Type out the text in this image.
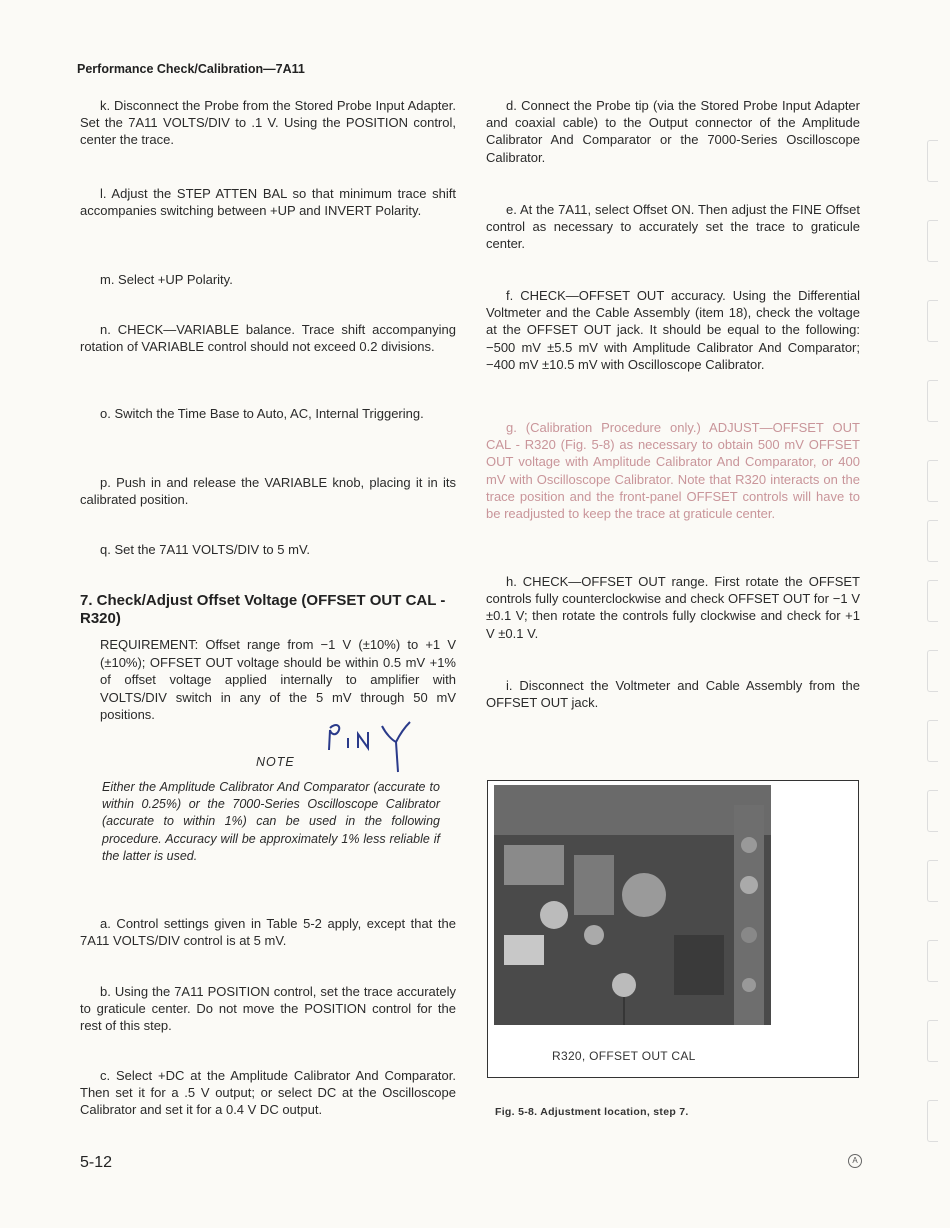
Performance Check/Calibration—7A11

k. Disconnect the Probe from the Stored Probe Input Adapter. Set the 7A11 VOLTS/DIV to .1 V. Using the POSITION control, center the trace.

l. Adjust the STEP ATTEN BAL so that minimum trace shift accompanies switching between +UP and INVERT Polarity.

m. Select +UP Polarity.

n. CHECK—VARIABLE balance. Trace shift accompanying rotation of VARIABLE control should not exceed 0.2 divisions.

o. Switch the Time Base to Auto, AC, Internal Triggering.

p. Push in and release the VARIABLE knob, placing it in its calibrated position.

q. Set the 7A11 VOLTS/DIV to 5 mV.

7. Check/Adjust Offset Voltage (OFFSET OUT CAL - R320)

REQUIREMENT: Offset range from −1 V (±10%) to +1 V (±10%); OFFSET OUT voltage should be within 0.5 mV +1% of offset voltage applied internally to amplifier with VOLTS/DIV switch in any of the 5 mV through 50 mV positions.

NOTE

Either the Amplitude Calibrator And Comparator (accurate to within 0.25%) or the 7000-Series Oscilloscope Calibrator (accurate to within 1%) can be used in the following procedure. Accuracy will be approximately 1% less reliable if the latter is used.

a. Control settings given in Table 5-2 apply, except that the 7A11 VOLTS/DIV control is at 5 mV.

b. Using the 7A11 POSITION control, set the trace accurately to graticule center. Do not move the POSITION control for the rest of this step.

c. Select +DC at the Amplitude Calibrator And Comparator. Then set it for a .5 V output; or select DC at the Oscilloscope Calibrator and set it for a 0.4 V DC output.

d. Connect the Probe tip (via the Stored Probe Input Adapter and coaxial cable) to the Output connector of the Amplitude Calibrator And Comparator or the 7000-Series Oscilloscope Calibrator.

e. At the 7A11, select Offset ON. Then adjust the FINE Offset control as necessary to accurately set the trace to graticule center.

f. CHECK—OFFSET OUT accuracy. Using the Differential Voltmeter and the Cable Assembly (item 18), check the voltage at the OFFSET OUT jack. It should be equal to the following: −500 mV ±5.5 mV with Amplitude Calibrator And Comparator; −400 mV ±10.5 mV with Oscilloscope Calibrator.

g. (Calibration Procedure only.) ADJUST—OFFSET OUT CAL - R320 (Fig. 5-8) as necessary to obtain 500 mV OFFSET OUT voltage with Amplitude Calibrator And Comparator, or 400 mV with Oscilloscope Calibrator. Note that R320 interacts on the trace position and the front-panel OFFSET controls will have to be readjusted to keep the trace at graticule center.

h. CHECK—OFFSET OUT range. First rotate the OFFSET controls fully counterclockwise and check OFFSET OUT for −1 V ±0.1 V; then rotate the controls fully clockwise and check for +1 V ±0.1 V.

i. Disconnect the Voltmeter and Cable Assembly from the OFFSET OUT jack.

R320, OFFSET OUT CAL
Fig. 5-8. Adjustment location, step 7.
5-12	A
